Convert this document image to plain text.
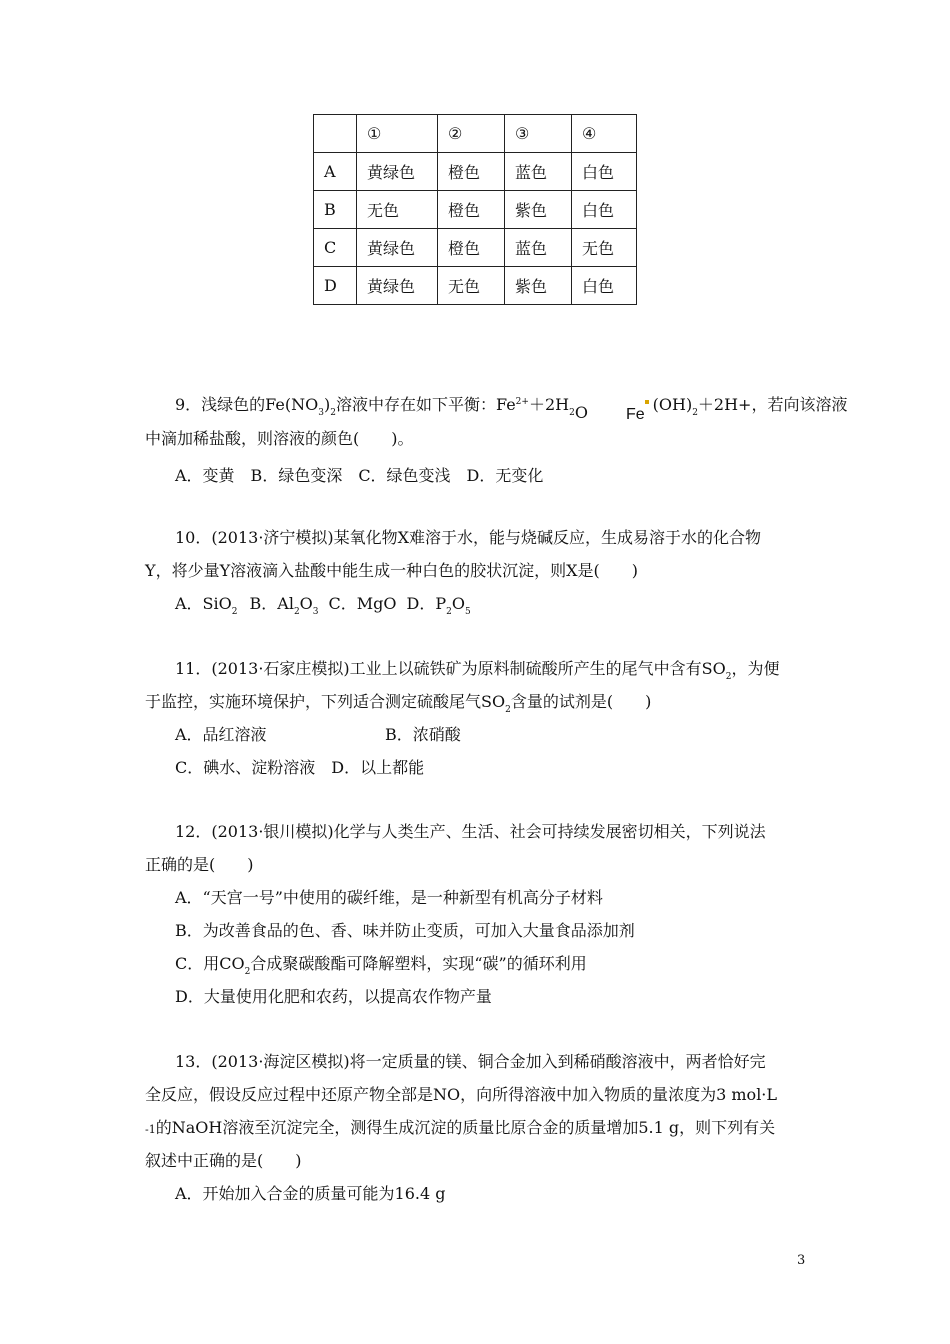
	①	②	③	④
A	黄绿色	橙色	蓝色	白色
B	无色	橙色	紫色	白色
C	黄绿色	橙色	蓝色	无色
D	黄绿色	无色	紫色	白色
9．浅绿色的$Fe(NO_3)_2$溶液中存在如下平衡：$Fe^{2+}+2H_2O$ $Fe(OH)_2+2H+$，若向该溶液
中滴加稀盐酸，则溶液的颜色(　　)。
A．变黄　B．绿色变深　C．绿色变浅　D．无变化
10．(2013·济宁模拟)某氧化物X难溶于水，能与烧碱反应，生成易溶于水的化合物
Y，将少量Y溶液滴入盐酸中能生成一种白色的胶状沉淀，则X是(　　)
A．SiO$_2$ B．$Al_2O_3$ C．MgO D．$P_2O_5$
11．(2013·石家庄模拟)工业上以硫铁矿为原料制硫酸所产生的尾气中含有$SO_2$，为便
于监控，实施环境保护，下列适合测定硫酸尾气$SO_2$含量的试剂是(　　)
A．品红溶液	B．浓硝酸
C．碘水、淀粉溶液　D．以上都能
12．(2013·银川模拟)化学与人类生产、生活、社会可持续发展密切相关，下列说法
正确的是(　　)
A．“天宫一号”中使用的碳纤维，是一种新型有机高分子材料
B．为改善食品的色、香、味并防止变质，可加入大量食品添加剂
C．用$CO_2$合成聚碳酸酯可降解塑料，实现“碳”的循环利用
D．大量使用化肥和农药，以提高农作物产量
13．(2013·海淀区模拟)将一定质量的镁、铜合金加入到稀硝酸溶液中，两者恰好完
全反应，假设反应过程中还原产物全部是NO，向所得溶液中加入物质的量浓度为3 mol·L
-1的NaOH溶液至沉淀完全，测得生成沉淀的质量比原合金的质量增加5.1 g，则下列有关
叙述中正确的是(　　)
A．开始加入合金的质量可能为16.4 g
3
